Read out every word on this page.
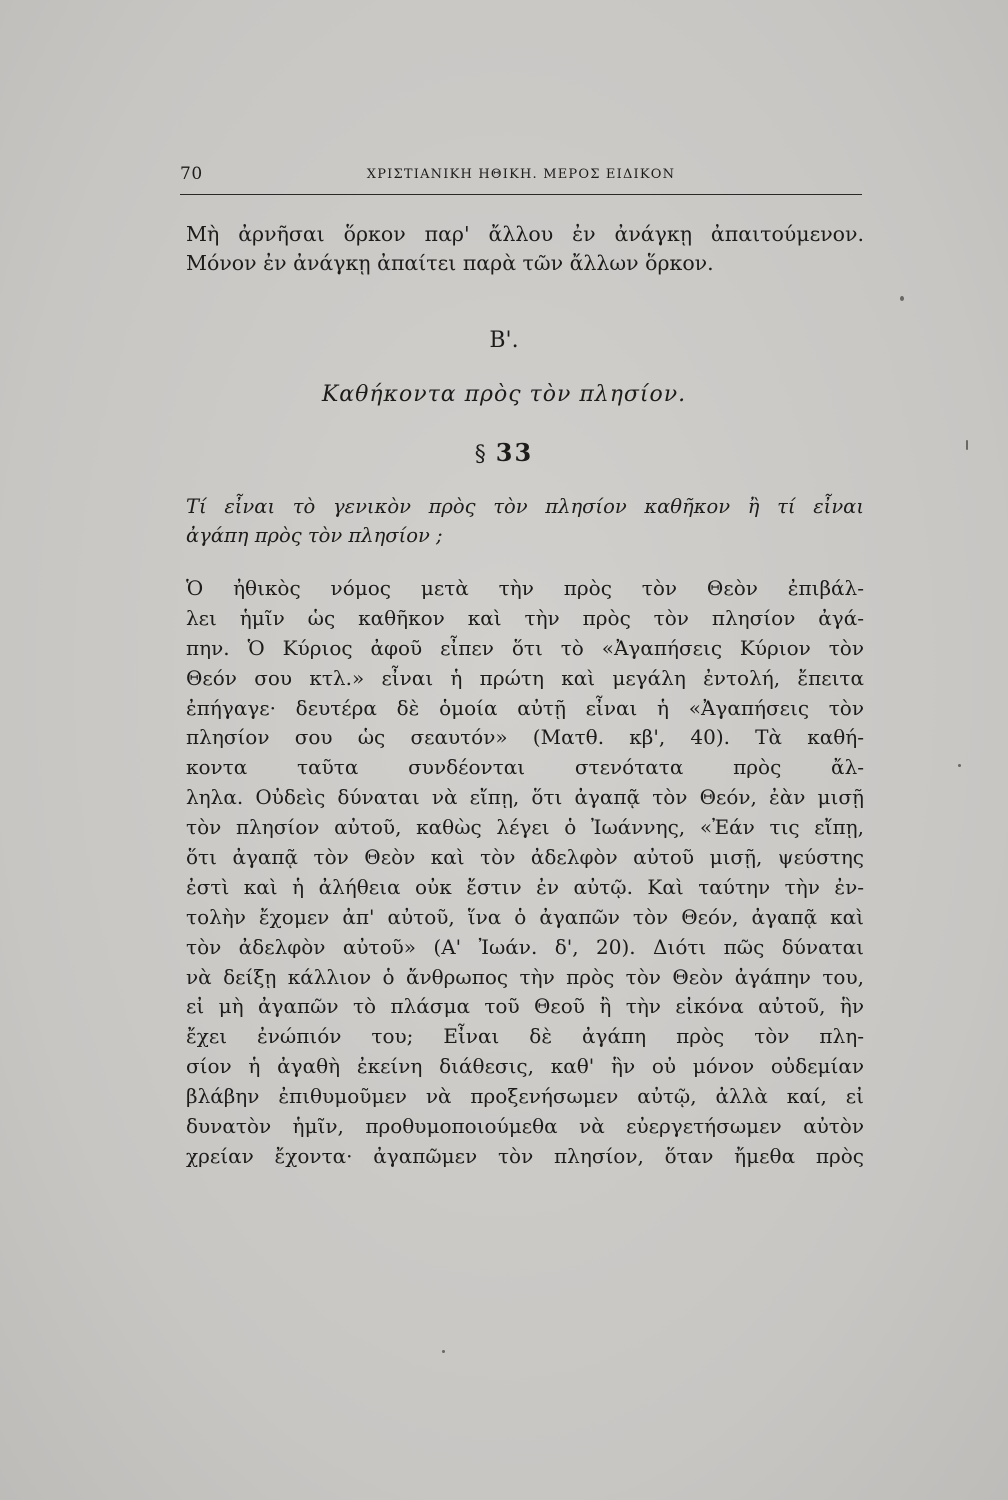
70	ΧΡΙΣΤΙΑΝΙΚΗ ΗΘΙΚΗ. ΜΕΡΟΣ ΕΙΔΙΚΟΝ
Μὴ ἀρνῆσαι ὅρκον παρ' ἄλλου ἐν ἀνάγκῃ ἀπαιτούμενον.
Μόνον ἐν ἀνάγκῃ ἀπαίτει παρὰ τῶν ἄλλων ὅρκον.
Β'.
Καθήκοντα πρὸς τὸν πλησίον.
§ 33
Τί εἶναι τὸ γενικὸν πρὸς τὸν πλησίον καθῆκον ἢ τί εἶναι
ἀγάπη πρὸς τὸν πλησίον ;
Ὁ ἠθικὸς νόμος μετὰ τὴν πρὸς τὸν Θεὸν ἐπιβάλ-
λει ἡμῖν ὡς καθῆκον καὶ τὴν πρὸς τὸν πλησίον ἀγά-
πην. Ὁ Κύριος ἀφοῦ εἶπεν ὅτι τὸ «Ἀγαπήσεις Κύριον τὸν
Θεόν σου κτλ.» εἶναι ἡ πρώτη καὶ μεγάλη ἐντολή, ἔπειτα
ἐπήγαγε· δευτέρα δὲ ὁμοία αὐτῇ εἶναι ἡ «Ἀγαπήσεις τὸν
πλησίον σου ὡς σεαυτόν» (Ματθ. κβ', 40). Τὰ καθή-
κοντα ταῦτα συνδέονται στενότατα πρὸς ἄλ-
ληλα. Οὐδεὶς δύναται νὰ εἴπῃ, ὅτι ἀγαπᾷ τὸν Θεόν, ἐὰν μισῇ
τὸν πλησίον αὐτοῦ, καθὼς λέγει ὁ Ἰωάννης, «Ἐάν τις εἴπῃ,
ὅτι ἀγαπᾷ τὸν Θεὸν καὶ τὸν ἀδελφὸν αὐτοῦ μισῇ, ψεύστης
ἐστὶ καὶ ἡ ἀλήθεια οὐκ ἔστιν ἐν αὐτῷ. Καὶ ταύτην τὴν ἐν-
τολὴν ἔχομεν ἀπ' αὐτοῦ, ἵνα ὁ ἀγαπῶν τὸν Θεόν, ἀγαπᾷ καὶ
τὸν ἀδελφὸν αὐτοῦ» (Α' Ἰωάν. δ', 20). Διότι πῶς δύναται
νὰ δείξῃ κάλλιον ὁ ἄνθρωπος τὴν πρὸς τὸν Θεὸν ἀγάπην του,
εἰ μὴ ἀγαπῶν τὸ πλάσμα τοῦ Θεοῦ ἢ τὴν εἰκόνα αὐτοῦ, ἣν
ἔχει ἐνώπιόν του; Εἶναι δὲ ἀγάπη πρὸς τὸν πλη-
σίον ἡ ἀγαθὴ ἐκείνη διάθεσις, καθ' ἣν οὐ μόνον οὐδεμίαν
βλάβην ἐπιθυμοῦμεν νὰ προξενήσωμεν αὐτῷ, ἀλλὰ καί, εἰ
δυνατὸν ἡμῖν, προθυμοποιούμεθα νὰ εὐεργετήσωμεν αὐτὸν
χρείαν ἔχοντα· ἀγαπῶμεν τὸν πλησίον, ὅταν ἤμεθα πρὸς
